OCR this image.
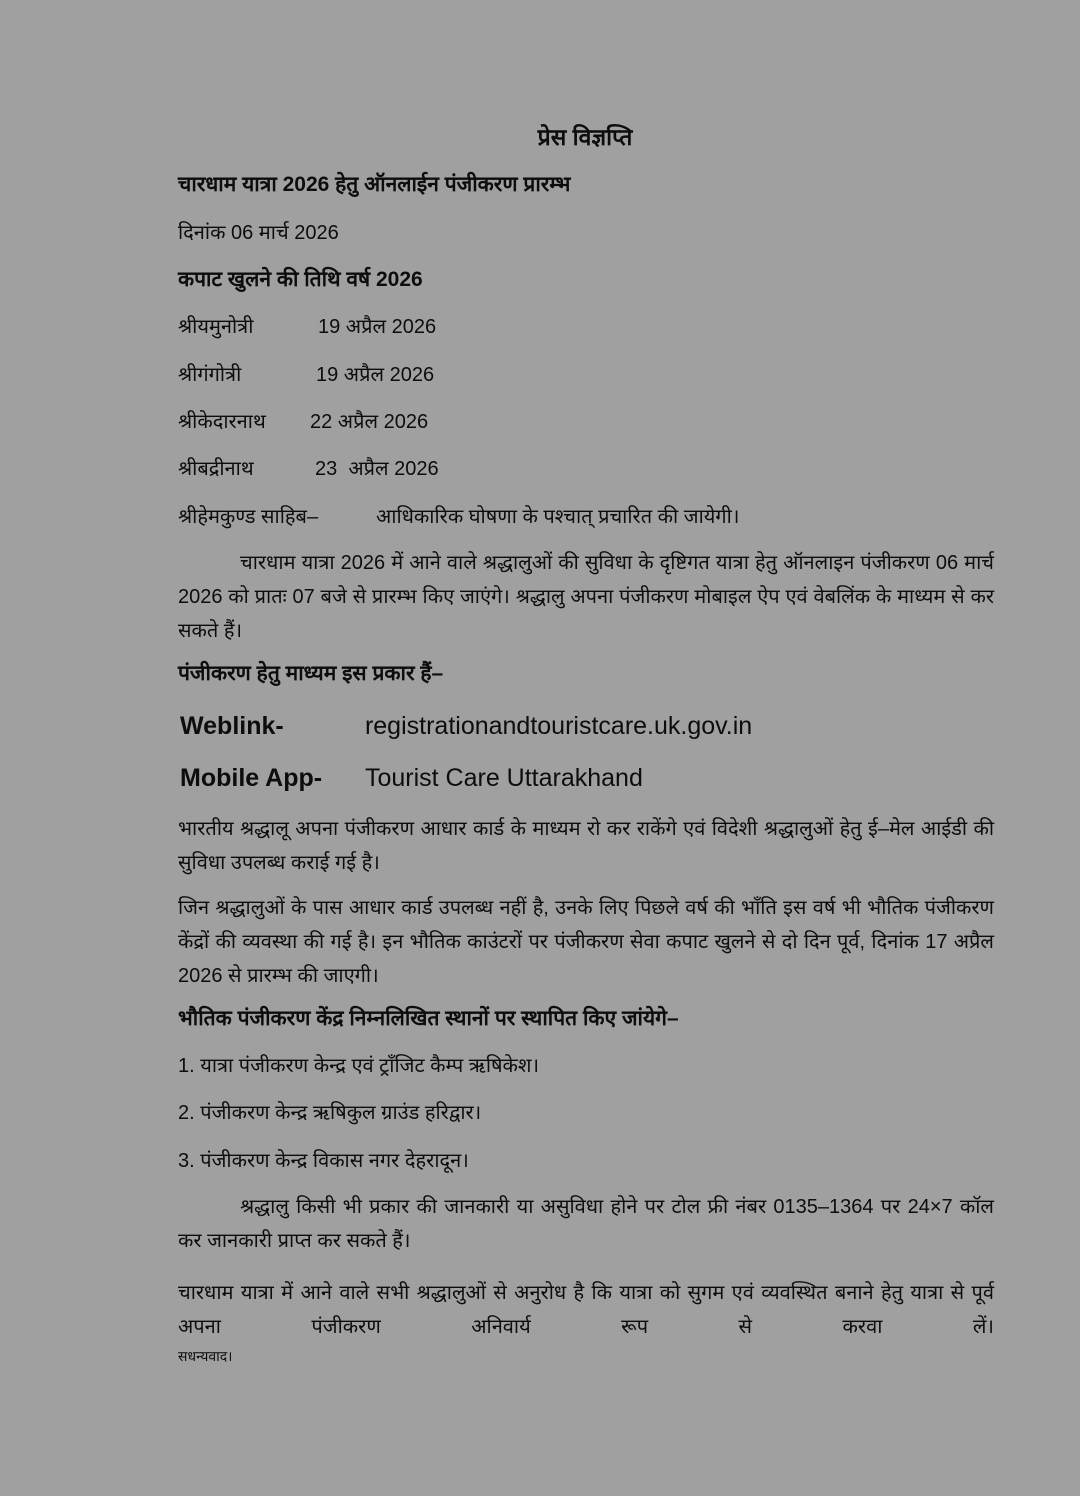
प्रेस विज्ञप्ति
चारधाम यात्रा 2026 हेतु ऑनलाईन पंजीकरण प्रारम्भ
दिनांक 06 मार्च 2026
कपाट खुलने की तिथि वर्ष 2026
श्रीयमुनोत्री	19 अप्रैल 2026
श्रीगंगोत्री	19 अप्रैल 2026
श्रीकेदारनाथ 22 अप्रैल 2026
श्रीबद्रीनाथ	23  अप्रैल 2026
श्रीहेमकुण्ड साहिब–	आधिकारिक घोषणा के पश्चात् प्रचारित की जायेगी।
चारधाम यात्रा 2026 में आने वाले श्रद्धालुओं की सुविधा के दृष्टिगत यात्रा हेतु ऑनलाइन पंजीकरण 06 मार्च 2026 को प्रातः 07 बजे से प्रारम्भ किए जाएंगे। श्रद्धालु अपना पंजीकरण मोबाइल ऐप एवं वेबलिंक के माध्यम से कर सकते हैं।
पंजीकरण हेतु माध्यम इस प्रकार हैं–
Weblink-	registrationandtouristcare.uk.gov.in
Mobile App- Tourist Care Uttarakhand
भारतीय श्रद्धालू अपना पंजीकरण आधार कार्ड के माध्यम रो कर राकेंगे एवं विदेशी श्रद्धालुओं हेतु ई–मेल आईडी की सुविधा उपलब्ध कराई गई है।
जिन श्रद्धालुओं के पास आधार कार्ड उपलब्ध नहीं है, उनके लिए पिछले वर्ष की भाँति इस वर्ष भी भौतिक पंजीकरण केंद्रों की व्यवस्था की गई है। इन भौतिक काउंटरों पर पंजीकरण सेवा कपाट खुलने से दो दिन पूर्व, दिनांक 17 अप्रैल 2026 से प्रारम्भ की जाएगी।
भौतिक पंजीकरण केंद्र निम्नलिखित स्थानों पर स्थापित किए जांयेगे–
1. यात्रा पंजीकरण केन्द्र एवं ट्राँजिट कैम्प ऋषिकेश।
2. पंजीकरण केन्द्र ऋषिकुल ग्राउंड हरिद्वार।
3. पंजीकरण केन्द्र विकास नगर देहरादून।
श्रद्धालु किसी भी प्रकार की जानकारी या असुविधा होने पर टोल फ्री नंबर 0135–1364 पर 24×7 कॉल कर जानकारी प्राप्त कर सकते हैं।
चारधाम यात्रा में आने वाले सभी श्रद्धालुओं से अनुरोध है कि यात्रा को सुगम एवं व्यवस्थित बनाने हेतु यात्रा से पूर्व अपना पंजीकरण अनिवार्य रूप से करवा लें।
सधन्यवाद।
